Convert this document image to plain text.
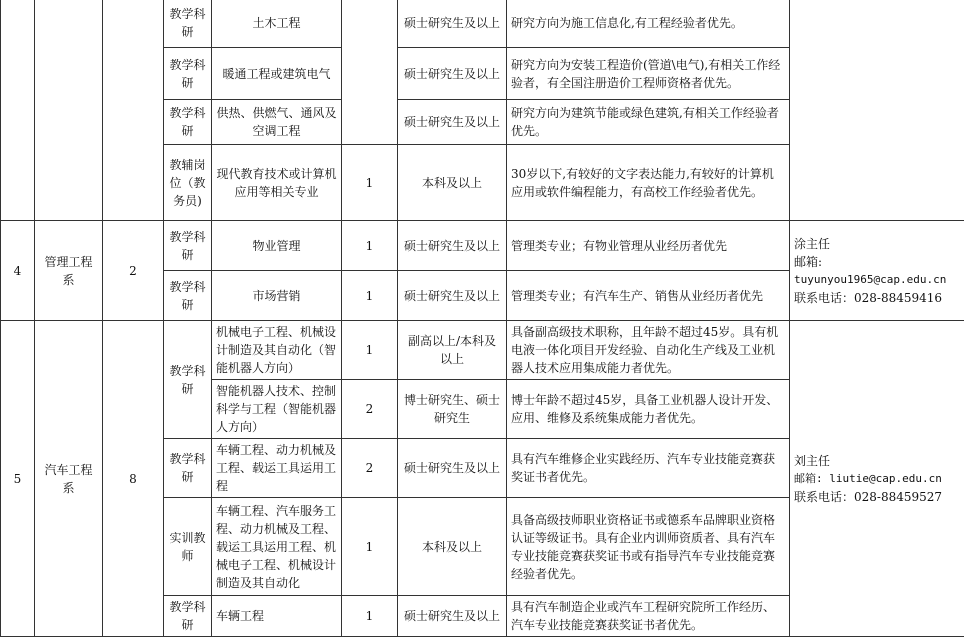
			教学科研	土木工程		硕士研究生及以上	研究方向为施工信息化,有工程经验者优先。	
			教学科研	暖通工程或建筑电气		硕士研究生及以上	研究方向为安装工程造价(管道\电气),有相关工作经验者，有全国注册造价工程师资格者优先。	
			教学科研	供热、供燃气、通风及空调工程		硕士研究生及以上	研究方向为建筑节能或绿色建筑,有相关工作经验者优先。	
			教辅岗位（教务员)	现代教育技术或计算机应用等相关专业	1	本科及以上	30岁以下,有较好的文字表达能力,有较好的计算机应用或软件编程能力，有高校工作经验者优先。	
4	管理工程系	2	教学科研	物业管理	1	硕士研究生及以上	管理类专业；有物业管理从业经历者优先	涂主任
邮箱:
tuyunyou1965@cap.edu.cn
联系电话：028-88459416

			教学科研	市场营销	1	硕士研究生及以上	管理类专业；有汽车生产、销售从业经历者优先	
5	汽车工程系	8	教学科研	机械电子工程、机械设计制造及其自动化（智能机器人方向）	1	副高以上/本科及以上	具备副高级技术职称，且年龄不超过45岁。具有机电液一体化项目开发经验、自动化生产线及工业机器人技术应用集成能力者优先。	刘主任
邮箱: liutie@cap.edu.cn
联系电话：028-88459527

				智能机器人技术、控制科学与工程（智能机器人方向）	2	博士研究生、硕士研究生	博士年龄不超过45岁，具备工业机器人设计开发、应用、维修及系统集成能力者优先。	
			教学科研	车辆工程、动力机械及工程、载运工具运用工程	2	硕士研究生及以上	具有汽车维修企业实践经历、汽车专业技能竞赛获奖证书者优先。	
			实训教师	车辆工程、汽车服务工程、动力机械及工程、载运工具运用工程、机械电子工程、机械设计制造及其自动化	1	本科及以上	具备高级技师职业资格证书或德系车品牌职业资格认证等级证书。具有企业内训师资质者、具有汽车专业技能竞赛获奖证书或有指导汽车专业技能竞赛经验者优先。	
			教学科研	车辆工程	1	硕士研究生及以上	具有汽车制造企业或汽车工程研究院所工作经历、汽车专业技能竞赛获奖证书者优先。	
